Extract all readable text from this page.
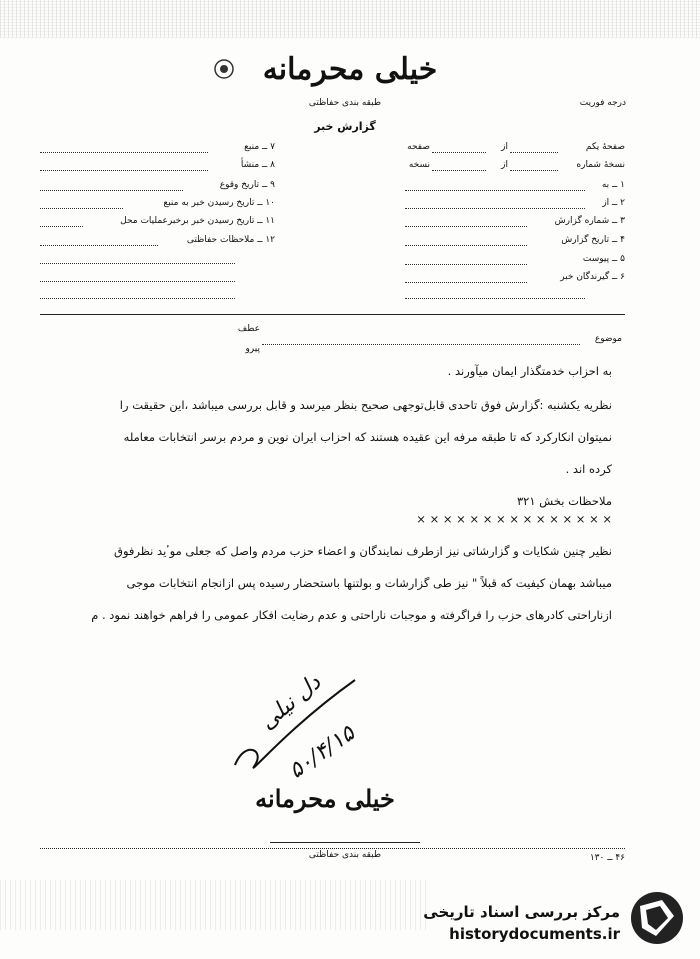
خیلی محرمانه
طبقه بندی حفاظتی	درجه فوریت
گزارش خبر
صفحهٔ یکم
از
صفحه
نسخهٔ شماره
از
نسخه
۱ ــ به
۲ ــ از
۳ ــ شماره گزارش
۴ ــ تاریخ گزارش
۵ ــ پیوست
۶ ــ گیرندگان خبر
۷ ــ منبع
۸ ــ منشأ
۹ ــ تاریخ وقوع
۱۰ ــ تاریخ رسیدن خبر به منبع
۱۱ ــ تاریخ رسیدن خبر برخبرعملیات محل
۱۲ ــ ملاحظات حفاظتی
عطف
موضوع
پیرو
به احزاب خدمتگذار ایمان میآورند .
نظریه یکشنبه :گزارش فوق تاحدی قابل‌توجهی صحیح بنظر میرسد و قابل بررسی میباشد ،این حقیقت را
نمیتوان انکارکرد که تا طبقه مرفه این عقیده هستند که احزاب ایران نوین و مردم برسر انتخابات معامله
کرده اند .
ملاحظات بخش ۳۲۱
× × × × × × × × × × × × × × ×
نظیر چنین شکایات و گزارشاتی نیز ازطرف نمایندگان و اعضاء حزب مردم واصل که جعلی موٴید نظرفوق
میباشد بهمان کیفیت که قبلاً " نیز طی گزارشات و بولتنها باستحضار رسیده پس ازانجام انتخابات موجی
ازناراحتی کادرهای حزب را فراگرفته و موجبات ناراحتی و عدم رضایت افکار عمومی را فراهم خواهند نمود . م
دل نیلی
۵۰/۴/۱۵
خیلی محرمانه
طبقه بندی حفاظتی	۴۶ ــ ۱۳۰
مرکز بررسی اسناد تاریخی
historydocuments.ir
